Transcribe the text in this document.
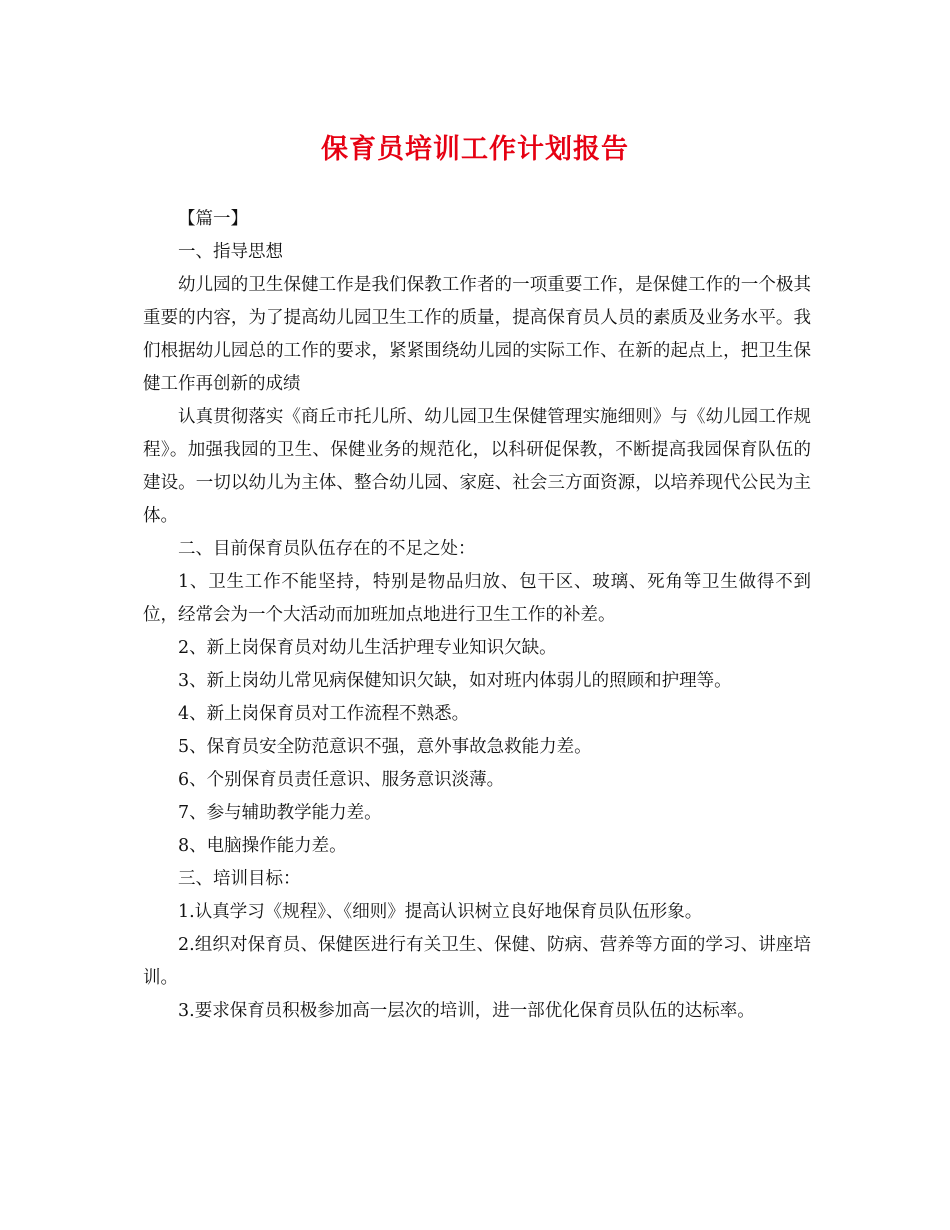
保育员培训工作计划报告

【篇一】

一、指导思想

幼儿园的卫生保健工作是我们保教工作者的一项重要工作，是保健工作的一个极其重要的内容，为了提高幼儿园卫生工作的质量，提高保育员人员的素质及业务水平。我们根据幼儿园总的工作的要求，紧紧围绕幼儿园的实际工作、在新的起点上，把卫生保健工作再创新的成绩

认真贯彻落实《商丘市托儿所、幼儿园卫生保健管理实施细则》与《幼儿园工作规程》。加强我园的卫生、保健业务的规范化，以科研促保教，不断提高我园保育队伍的建设。一切以幼儿为主体、整合幼儿园、家庭、社会三方面资源，以培养现代公民为主体。

二、目前保育员队伍存在的不足之处：

1、卫生工作不能坚持，特别是物品归放、包干区、玻璃、死角等卫生做得不到位，经常会为一个大活动而加班加点地进行卫生工作的补差。

2、新上岗保育员对幼儿生活护理专业知识欠缺。

3、新上岗幼儿常见病保健知识欠缺，如对班内体弱儿的照顾和护理等。

4、新上岗保育员对工作流程不熟悉。

5、保育员安全防范意识不强，意外事故急救能力差。

6、个别保育员责任意识、服务意识淡薄。

7、参与辅助教学能力差。

8、电脑操作能力差。

三、培训目标：

1.认真学习《规程》、《细则》提高认识树立良好地保育员队伍形象。

2.组织对保育员、保健医进行有关卫生、保健、防病、营养等方面的学习、讲座培训。

3.要求保育员积极参加高一层次的培训，进一部优化保育员队伍的达标率。
